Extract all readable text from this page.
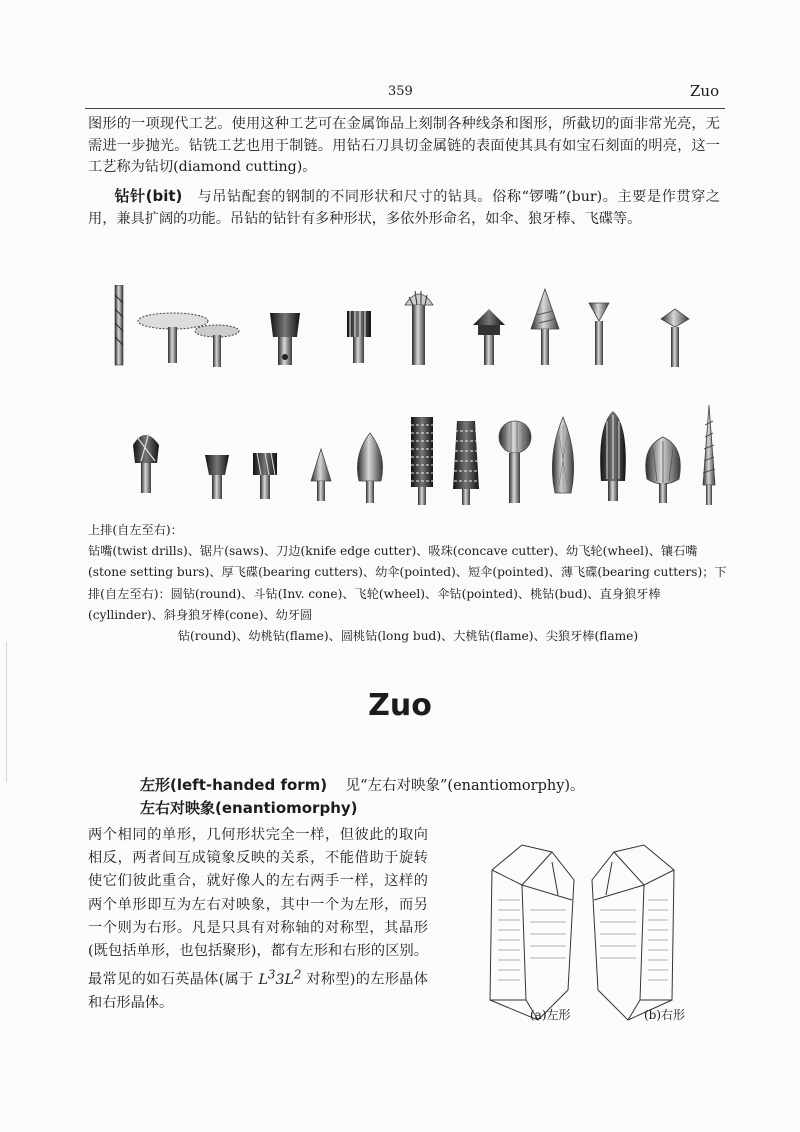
359	Zuo
图形的一项现代工艺。使用这种工艺可在金属饰品上刻制各种线条和图形，所截切的面非常光亮，无需进一步抛光。钻铣工艺也用于制链。用钻石刀具切金属链的表面使其具有如宝石刻面的明亮，这一工艺称为钻切(diamond cutting)。
钻针(bit) 与吊钻配套的钢制的不同形状和尺寸的钻具。俗称“锣嘴”(bur)。主要是作贯穿之用，兼具扩阔的功能。吊钻的钻针有多种形状，多依外形命名，如伞、狼牙棒、飞碟等。
上排(自左至右)：
钻嘴(twist drills)、锯片(saws)、刀边(knife edge cutter)、吸珠(concave cutter)、幼飞轮(wheel)、镶石嘴(stone setting burs)、厚飞碟(bearing cutters)、幼伞(pointed)、短伞(pointed)、薄飞碟(bearing cutters)；下排(自左至右)：圆钻(round)、斗钻(Inv. cone)、飞轮(wheel)、伞钻(pointed)、桃钻(bud)、直身狼牙棒(cyllinder)、斜身狼牙棒(cone)、幼牙圆
钻(round)、幼桃钻(flame)、圆桃钻(long bud)、大桃钻(flame)、尖狼牙棒(flame)
Zuo
左形(left-handed form) 见“左右对映象”(enantiomorphy)。
左右对映象(enantiomorphy)
两个相同的单形，几何形状完全一样，但彼此的取向相反，两者间互成镜象反映的关系，不能借助于旋转使它们彼此重合，就好像人的左右两手一样，这样的两个单形即互为左右对映象，其中一个为左形，而另一个则为右形。凡是只具有对称轴的对称型，其晶形(既包括单形，也包括聚形)，都有左形和右形的区别。最常见的如石英晶体(属于 $L^33L^2$ 对称型)的左形晶体和右形晶体。
(a)左形	(b)右形
